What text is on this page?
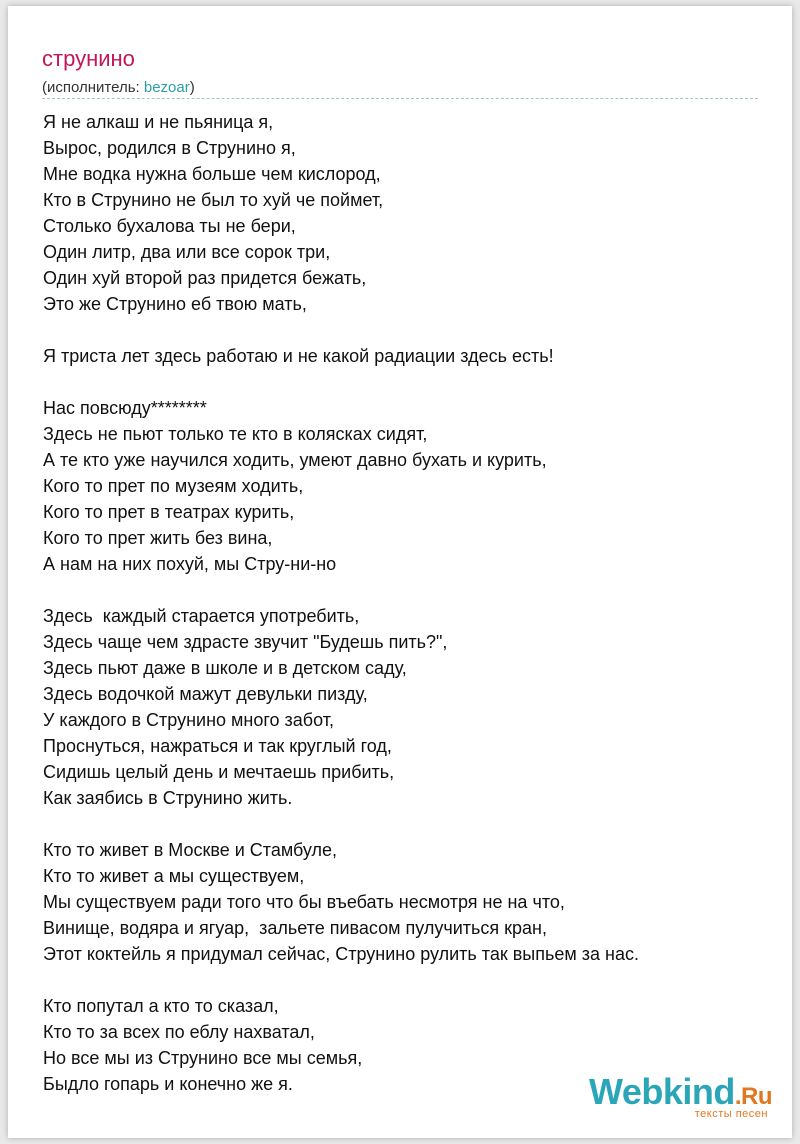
струнино
(исполнитель: bezoar)
Я не алкаш и не пьяница я,
Вырос, родился в Струнино я,
Мне водка нужна больше чем кислород,
Кто в Струнино не был то хуй че поймет,
Столько бухалова ты не бери,
Один литр, два или все сорок три,
Один хуй второй раз придется бежать,
Это же Струнино еб твою мать,
Я триста лет здесь работаю и не какой радиации здесь есть!
Нас повсюду********
Здесь не пьют только те кто в колясках сидят,
А те кто уже научился ходить, умеют давно бухать и курить,
Кого то прет по музеям ходить,
Кого то прет в театрах курить,
Кого то прет жить без вина,
А нам на них похуй, мы Стру-ни-но
Здесь  каждый старается употребить,
Здесь чаще чем здрасте звучит "Будешь пить?",
Здесь пьют даже в школе и в детском саду,
Здесь водочкой мажут девульки пизду,
У каждого в Струнино много забот,
Проснуться, нажраться и так круглый год,
Сидишь целый день и мечтаешь прибить,
Как заябись в Струнино жить.
Кто то живет в Москве и Стамбуле,
Кто то живет а мы существуем,
Мы существуем ради того что бы въебать несмотря не на что,
Винище, водяра и ягуар,  зальете пивасом пулучиться кран,
Этот коктейль я придумал сейчас, Струнино рулить так выпьем за нас.
Кто попутал а кто то сказал,
Кто то за всех по еблу нахватал,
Но все мы из Струнино все мы семья,
Быдло гопарь и конечно же я.	Webkind.Ru
тексты песен
